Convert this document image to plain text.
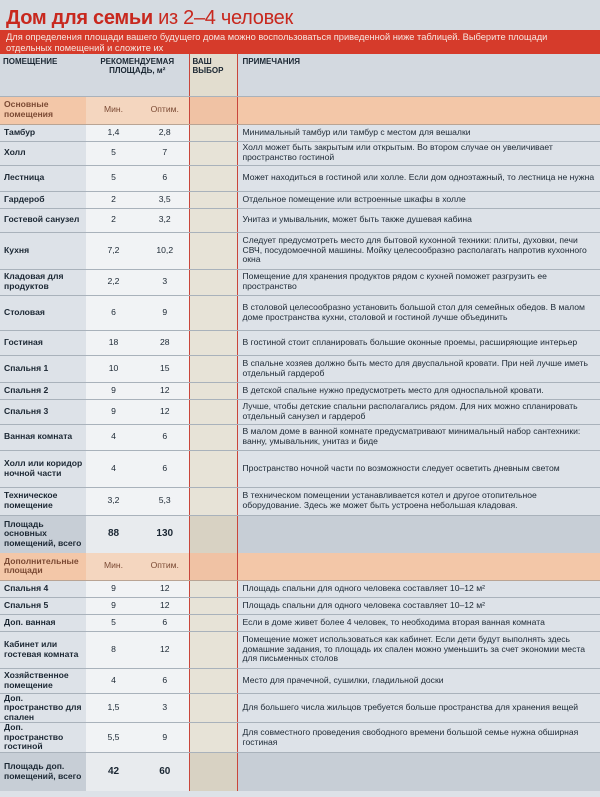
Дом для семьи из 2–4 человек
Для определения площади вашего будущего дома можно воспользоваться приведенной ниже таблицей. Выберите площади отдельных помещений и сложите их
ПОМЕЩЕНИЕ	РЕКОМЕНДУЕМАЯ ПЛОЩАДЬ, м²		ВАШ ВЫБОР	ПРИМЕЧАНИЯ
Основные помещения	Мин.	Оптим.		
Тамбур	1,4	2,8		Минимальный тамбур или тамбур с местом для вешалки
Холл	5	7		Холл может быть закрытым или открытым. Во втором случае он увеличивает пространство гостиной
Лестница	5	6		Может находиться в гостиной или холле. Если дом одноэтажный, то лестница не нужна
Гардероб	2	3,5		Отдельное помещение или встроенные шкафы в холле
Гостевой санузел	2	3,2		Унитаз и умывальник, может быть также душевая кабина
Кухня	7,2	10,2		Следует предусмотреть место для бытовой кухонной техники: плиты, духовки, печи СВЧ, посудомоечной машины. Мойку целесообразно располагать напротив кухонного окна
Кладовая для продуктов	2,2	3		Помещение для хранения продуктов рядом с кухней поможет разгрузить ее пространство
Столовая	6	9		В столовой целесообразно установить большой стол для семейных обедов. В малом доме пространства кухни, столовой и гостиной лучше объединить
Гостиная	18	28		В гостиной стоит спланировать большие оконные проемы, расширяющие интерьер
Спальня 1	10	15		В спальне хозяев должно быть место для двуспальной кровати. При ней лучше иметь отдельный гардероб
Спальня 2	9	12		В детской спальне нужно предусмотреть место для односпальной кровати.
Спальня 3	9	12		Лучше, чтобы детские спальни располагались рядом. Для них можно спланировать отдельный санузел и гардероб
Ванная комната	4	6		В малом доме в ванной комнате предусматривают минимальный набор сантехники: ванну, умывальник, унитаз и биде
Холл или коридор ночной части	4	6		Пространство ночной части по возможности следует осветить дневным светом
Техническое помещение	3,2	5,3		В техническом помещении устанавливается котел и другое отопительное оборудование. Здесь же может быть устроена небольшая кладовая.
Площадь основных помещений, всего	88	130		
Дополнительные площади	Мин.	Оптим.		
Спальня 4	9	12		Площадь спальни для одного человека составляет 10–12 м²
Спальня 5	9	12		Площадь спальни для одного человека составляет 10–12 м²
Доп. ванная	5	6		Если в доме живет более 4 человек, то необходима вторая ванная комната
Кабинет или гостевая комната	8	12		Помещение может использоваться как кабинет. Если дети будут выполнять здесь домашние задания, то площадь их спален можно уменьшить за счет экономии места для письменных столов
Хозяйственное помещение	4	6		Место для прачечной, сушилки, гладильной доски
Доп. пространство для спален	1,5	3		Для большего числа жильцов требуется больше пространства для хранения вещей
Доп. пространство гостиной	5,5	9		Для совместного проведения свободного времени большой семье нужна обширная гостиная
Площадь доп. помещений, всего	42	60		
